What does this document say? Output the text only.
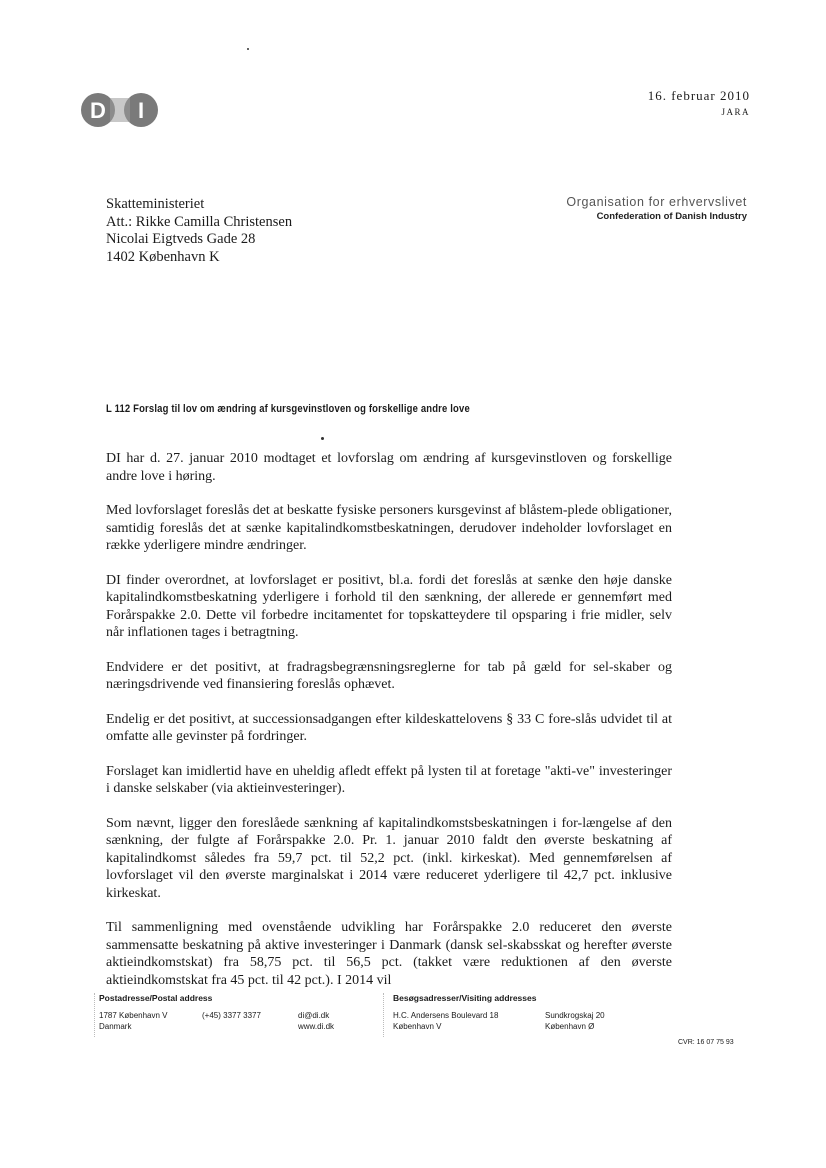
D I
16. februar 2010
JARA
Skatteministeriet
Att.: Rikke Camilla Christensen
Nicolai Eigtveds Gade 28
1402 København K
Organisation for erhvervslivet
Confederation of Danish Industry
L 112 Forslag til lov om ændring af kursgevinstloven og forskellige andre love

DI har d. 27. januar 2010 modtaget et lovforslag om ændring af kursgevinstloven og forskellige andre love i høring.

Med lovforslaget foreslås det at beskatte fysiske personers kursgevinst af blåstem-plede obligationer, samtidig foreslås det at sænke kapitalindkomstbeskatningen, derudover indeholder lovforslaget en række yderligere mindre ændringer.

DI finder overordnet, at lovforslaget er positivt, bl.a. fordi det foreslås at sænke den høje danske kapitalindkomstbeskatning yderligere i forhold til den sænkning, der allerede er gennemført med Forårspakke 2.0. Dette vil forbedre incitamentet for topskatteydere til opsparing i frie midler, selv når inflationen tages i betragtning.

Endvidere er det positivt, at fradragsbegrænsningsreglerne for tab på gæld for sel-skaber og næringsdrivende ved finansiering foreslås ophævet.

Endelig er det positivt, at successionsadgangen efter kildeskattelovens § 33 C fore-slås udvidet til at omfatte alle gevinster på fordringer.

Forslaget kan imidlertid have en uheldig afledt effekt på lysten til at foretage "akti-ve" investeringer i danske selskaber (via aktieinvesteringer).

Som nævnt, ligger den foreslåede sænkning af kapitalindkomstsbeskatningen i for-længelse af den sænkning, der fulgte af Forårspakke 2.0. Pr. 1. januar 2010 faldt den øverste beskatning af kapitalindkomst således fra 59,7 pct. til 52,2 pct. (inkl. kirkeskat). Med gennemførelsen af lovforslaget vil den øverste marginalskat i 2014 være reduceret yderligere til 42,7 pct. inklusive kirkeskat.

Til sammenligning med ovenstående udvikling har Forårspakke 2.0 reduceret den øverste sammensatte beskatning på aktive investeringer i Danmark (dansk sel-skabsskat og herefter øverste aktieindkomstskat) fra 58,75 pct. til 56,5 pct. (takket være reduktionen af den øverste aktieindkomstskat fra 45 pct. til 42 pct.). I 2014 vil

Postadresse/Postal address
1787 København V
Danmark
(+45) 3377 3377	di@di.dk
www.di.dk
Besøgsadresser/Visiting addresses
H.C. Andersens Boulevard 18
København V
Sundkrogskaj 20
København Ø
CVR: 16 07 75 93
